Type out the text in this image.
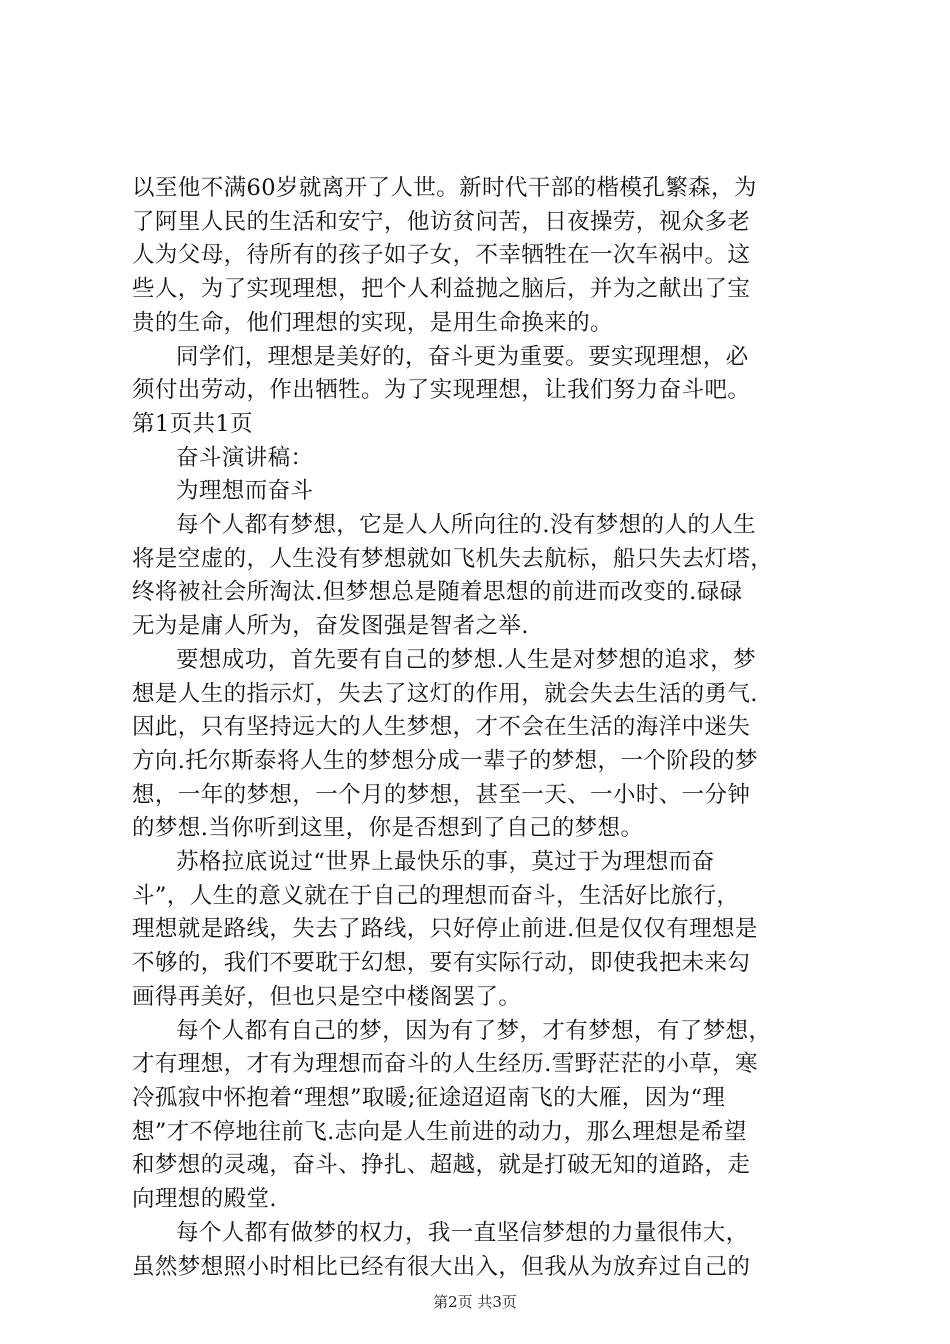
以至他不满60岁就离开了人世。新时代干部的楷模孔繁森，为
了阿里人民的生活和安宁，他访贫问苦，日夜操劳，视众多老
人为父母，待所有的孩子如子女，不幸牺牲在一次车祸中。这
些人，为了实现理想，把个人利益抛之脑后，并为之献出了宝
贵的生命，他们理想的实现，是用生命换来的。
同学们，理想是美好的，奋斗更为重要。要实现理想，必
须付出劳动，作出牺牲。为了实现理想，让我们努力奋斗吧。
第1页共1页
奋斗演讲稿：
为理想而奋斗
每个人都有梦想，它是人人所向往的.没有梦想的人的人生
将是空虚的，人生没有梦想就如飞机失去航标，船只失去灯塔，
终将被社会所淘汰.但梦想总是随着思想的前进而改变的.碌碌
无为是庸人所为，奋发图强是智者之举.
要想成功，首先要有自己的梦想.人生是对梦想的追求，梦
想是人生的指示灯，失去了这灯的作用，就会失去生活的勇气.
因此，只有坚持远大的人生梦想，才不会在生活的海洋中迷失
方向.托尔斯泰将人生的梦想分成一辈子的梦想，一个阶段的梦
想，一年的梦想，一个月的梦想，甚至一天、一小时、一分钟
的梦想.当你听到这里，你是否想到了自己的梦想。
苏格拉底说过“世界上最快乐的事，莫过于为理想而奋
斗”，人生的意义就在于自己的理想而奋斗，生活好比旅行，
理想就是路线，失去了路线，只好停止前进.但是仅仅有理想是
不够的，我们不要耽于幻想，要有实际行动，即使我把未来勾
画得再美好，但也只是空中楼阁罢了。
每个人都有自己的梦，因为有了梦，才有梦想，有了梦想，
才有理想，才有为理想而奋斗的人生经历.雪野茫茫的小草，寒
冷孤寂中怀抱着“理想”取暖;征途迢迢南飞的大雁，因为“理
想”才不停地往前飞.志向是人生前进的动力，那么理想是希望
和梦想的灵魂，奋斗、挣扎、超越，就是打破无知的道路，走
向理想的殿堂.
每个人都有做梦的权力，我一直坚信梦想的力量很伟大，
虽然梦想照小时相比已经有很大出入，但我从为放弃过自己的
第2页 共3页
